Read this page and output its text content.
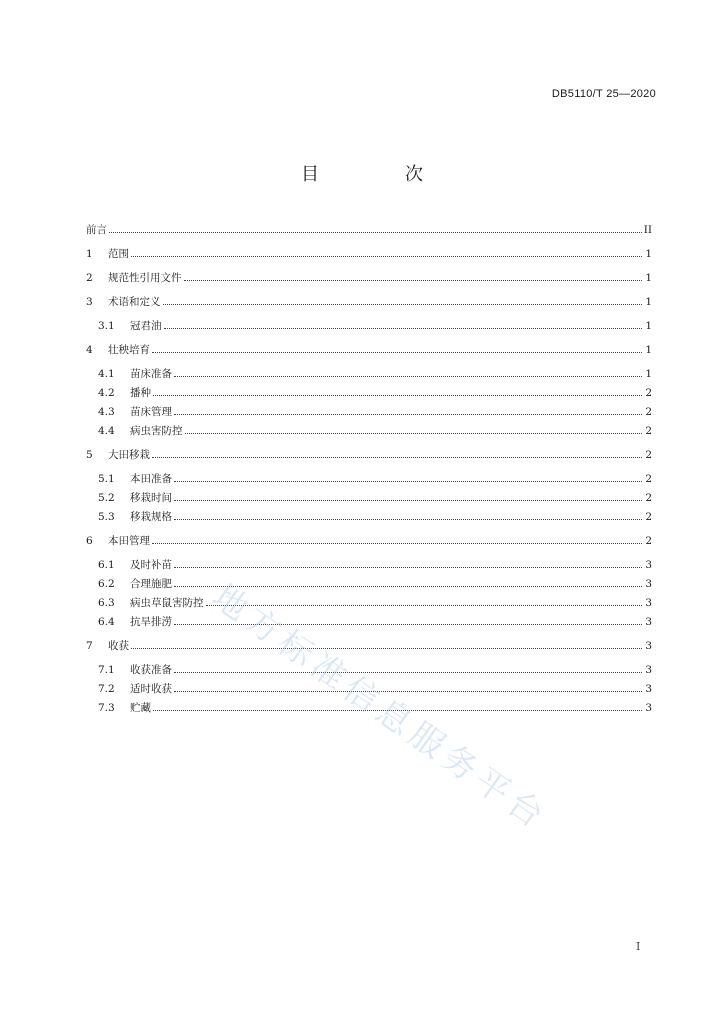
DB5110/T 25—2020
目　次
前言	II
1	范围	1
2	规范性引用文件	1
3	术语和定义	1
3.1	冠君油	1
4	壮秧培育	1
4.1	苗床准备	1
4.2	播种	2
4.3	苗床管理	2
4.4	病虫害防控	2
5	大田移栽	2
5.1	本田准备	2
5.2	移栽时间	2
5.3	移栽规格	2
6	本田管理	2
6.1	及时补苗	3
6.2	合理施肥	3
6.3	病虫草鼠害防控	3
6.4	抗旱排涝	3
7	收获	3
7.1	收获准备	3
7.2	适时收获	3
7.3	贮藏	3
地方标准信息服务平台
I
